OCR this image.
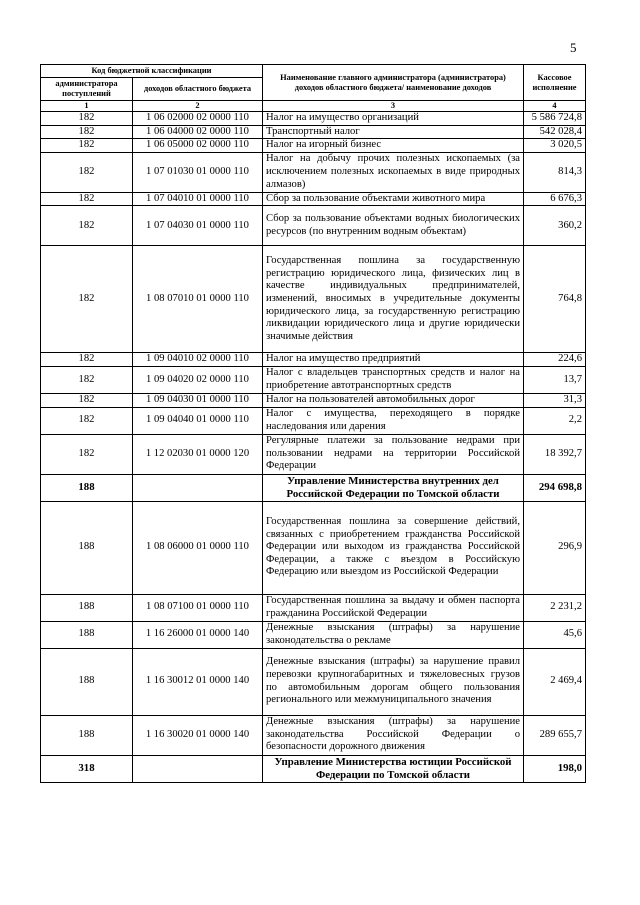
5
Код бюджетной классификации		Наименование главного администратора (администратора) доходов областного бюджета/ наименование доходов	Кассовое исполнение
администратора поступлений	доходов областного бюджета		
1	2	3	4
182	1 06 02000 02 0000 110	Налог на имущество организаций	5 586 724,8
182	1 06 04000 02 0000 110	Транспортный налог	542 028,4
182	1 06 05000 02 0000 110	Налог на игорный бизнес	3 020,5
182	1 07 01030 01 0000 110	Налог на добычу прочих полезных ископаемых (за исключением полезных ископаемых в виде природных алмазов)	814,3
182	1 07 04010 01 0000 110	Сбор за пользование объектами животного мира	6 676,3
182	1 07 04030 01 0000 110	Сбор за пользование объектами водных биологических ресурсов (по внутренним водным объектам)	360,2
182	1 08 07010 01 0000 110	Государственная пошлина за государственную регистрацию юридического лица, физических лиц в качестве индивидуальных предпринимателей, изменений, вносимых в учредительные документы юридического лица, за государственную регистрацию ликвидации юридического лица и другие юридически значимые действия	764,8
182	1 09 04010 02 0000 110	Налог на имущество предприятий	224,6
182	1 09 04020 02 0000 110	Налог с владельцев транспортных средств и налог на приобретение автотранспортных средств	13,7
182	1 09 04030 01 0000 110	Налог на пользователей автомобильных дорог	31,3
182	1 09 04040 01 0000 110	Налог с имущества, переходящего в порядке наследования или дарения	2,2
182	1 12 02030 01 0000 120	Регулярные платежи за пользование недрами при пользовании недрами на территории Российской Федерации	18 392,7
188		Управление Министерства внутренних дел Российской Федерации по Томской области	294 698,8
188	1 08 06000 01 0000 110	Государственная пошлина за совершение действий, связанных с приобретением гражданства Российской Федерации или выходом из гражданства Российской Федерации, а также с въездом в Российскую Федерацию или выездом из Российской Федерации	296,9
188	1 08 07100 01 0000 110	Государственная пошлина за выдачу и обмен паспорта гражданина Российской Федерации	2 231,2
188	1 16 26000 01 0000 140	Денежные взыскания (штрафы) за нарушение законодательства о рекламе	45,6
188	1 16 30012 01 0000 140	Денежные взыскания (штрафы) за нарушение правил перевозки крупногабаритных и тяжеловесных грузов по автомобильным дорогам общего пользования регионального или межмуниципального значения	2 469,4
188	1 16 30020 01 0000 140	Денежные взыскания (штрафы) за нарушение законодательства Российской Федерации о безопасности дорожного движения	289 655,7
318		Управление Министерства юстиции Российской Федерации по Томской области	198,0
